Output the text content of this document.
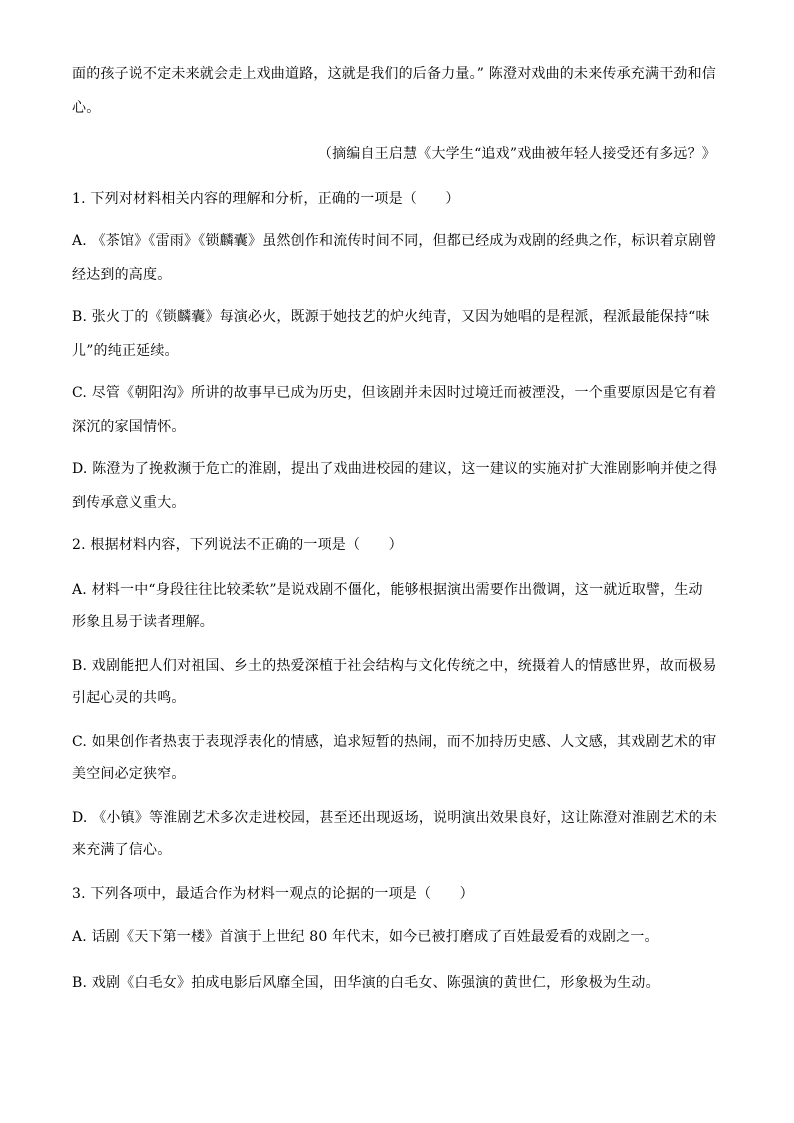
面的孩子说不定未来就会走上戏曲道路，这就是我们的后备力量。” 陈澄对戏曲的未来传承充满干劲和信
心。
（摘编自王启慧《大学生“追戏”戏曲被年轻人接受还有多远？》
1. 下列对材料相关内容的理解和分析，正确的一项是（　　）
A. 《茶馆》《雷雨》《锁麟囊》虽然创作和流传时间不同，但都已经成为戏剧的经典之作，标识着京剧曾
经达到的高度。
B. 张火丁的《锁麟囊》每演必火，既源于她技艺的炉火纯青，又因为她唱的是程派，程派最能保持“味
儿”的纯正延续。
C. 尽管《朝阳沟》所讲的故事早已成为历史，但该剧并未因时过境迁而被湮没，一个重要原因是它有着
深沉的家国情怀。
D. 陈澄为了挽救濒于危亡的淮剧，提出了戏曲进校园的建议，这一建议的实施对扩大淮剧影响并使之得
到传承意义重大。
2. 根据材料内容，下列说法不正确的一项是（　　）
A. 材料一中“身段往往比较柔软”是说戏剧不僵化，能够根据演出需要作出微调，这一就近取譬，生动
形象且易于读者理解。
B. 戏剧能把人们对祖国、乡土的热爱深植于社会结构与文化传统之中，统摄着人的情感世界，故而极易
引起心灵的共鸣。
C. 如果创作者热衷于表现浮表化的情感，追求短暂的热闹，而不加持历史感、人文感，其戏剧艺术的审
美空间必定狭窄。
D. 《小镇》等淮剧艺术多次走进校园，甚至还出现返场，说明演出效果良好，这让陈澄对淮剧艺术的未
来充满了信心。
3. 下列各项中，最适合作为材料一观点的论据的一项是（　　）
A. 话剧《天下第一楼》首演于上世纪 80 年代末，如今已被打磨成了百姓最爱看的戏剧之一。
B. 戏剧《白毛女》拍成电影后风靡全国，田华演的白毛女、陈强演的黄世仁，形象极为生动。
